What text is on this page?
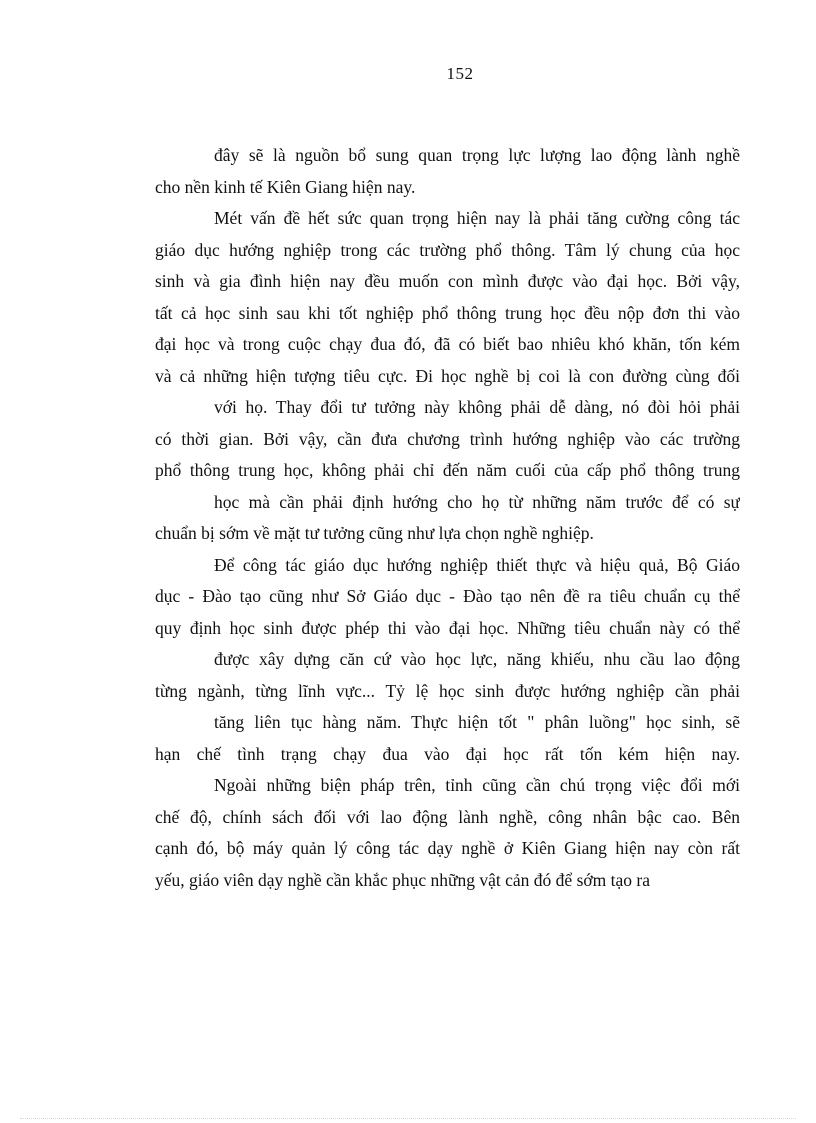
152
đây sẽ là nguồn bổ sung quan trọng lực lượng lao động lành nghề
cho nền kinh tế Kiên Giang hiện nay.
Mét vấn đề hết sức quan trọng hiện nay là phải tăng cường công tác
giáo dục hướng nghiệp trong các trường phổ thông. Tâm lý chung của học
sinh và gia đình hiện nay đều muốn con mình được vào đại học. Bởi vậy,
tất cả học sinh sau khi tốt nghiệp phổ thông trung học đều nộp đơn thi vào
đại học và trong cuộc chạy đua đó, đã có biết bao nhiêu khó khăn, tốn kém
và cả những hiện tượng tiêu cực. Đi học nghề bị coi là con đường cùng đối
với họ. Thay đổi tư tưởng này không phải dễ dàng, nó đòi hỏi phải
có thời gian. Bởi vậy, cần đưa chương trình hướng nghiệp vào các trường
phổ thông trung học, không phải chỉ đến năm cuối của cấp phổ thông trung
học mà cần phải định hướng cho họ từ những năm trước để có sự
chuẩn bị sớm về mặt tư tưởng cũng như lựa chọn nghề nghiệp.
Để công tác giáo dục hướng nghiệp thiết thực và hiệu quả, Bộ Giáo
dục - Đào tạo cũng như Sở Giáo dục - Đào tạo nên đề ra tiêu chuẩn cụ thể
quy định học sinh được phép thi vào đại học. Những tiêu chuẩn này có thể
được xây dựng căn cứ vào học lực, năng khiếu, nhu cầu lao động
từng ngành, từng lĩnh vực... Tỷ lệ học sinh được hướng nghiệp cần phải
tăng liên tục hàng năm. Thực hiện tốt " phân luồng" học sinh, sẽ
hạn chế tình trạng chạy đua vào đại học rất tốn kém hiện nay.
Ngoài những biện pháp trên, tỉnh cũng cần chú trọng việc đổi mới
chế độ, chính sách đối với lao động lành nghề, công nhân bậc cao. Bên
cạnh đó, bộ máy quản lý công tác dạy nghề ở Kiên Giang hiện nay còn rất
yếu, giáo viên dạy nghề cần khắc phục những vật cản đó để sớm tạo ra
